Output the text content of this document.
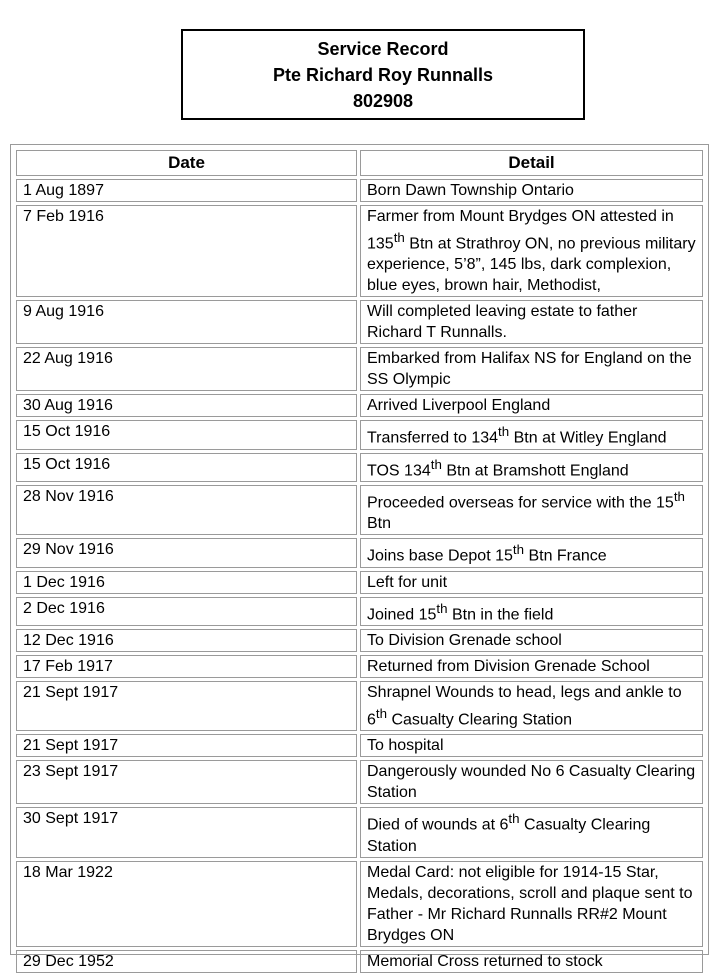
Service Record
Pte Richard Roy Runnalls
802908
Date	Detail
1 Aug 1897	Born Dawn Township Ontario
7 Feb 1916	Farmer from Mount Brydges ON attested in 135th Btn at Strathroy ON, no previous military experience, 5’8”, 145 lbs, dark complexion, blue eyes, brown hair, Methodist,
9 Aug 1916	Will completed leaving estate to father Richard T Runnalls.
22 Aug 1916	Embarked from Halifax NS for England on the SS Olympic
30 Aug 1916	Arrived Liverpool England
15 Oct 1916	Transferred to 134th Btn at Witley England
15 Oct 1916	TOS 134th Btn at Bramshott England
28 Nov 1916	Proceeded overseas for service with the 15th Btn
29 Nov 1916	Joins base Depot 15th Btn France
1 Dec 1916	Left for unit
2 Dec 1916	Joined 15th Btn in the field
12 Dec 1916	To Division Grenade school
17 Feb 1917	Returned from Division Grenade School
21 Sept 1917	Shrapnel Wounds to head, legs and ankle to 6th Casualty Clearing Station
21 Sept 1917	To hospital
23 Sept 1917	Dangerously wounded No 6 Casualty Clearing Station
30 Sept 1917	Died of wounds at 6th Casualty Clearing Station
18 Mar 1922	Medal Card: not eligible for 1914-15 Star, Medals, decorations, scroll and plaque sent to Father - Mr Richard Runnalls RR#2 Mount Brydges ON
29 Dec 1952	Memorial Cross returned to stock
